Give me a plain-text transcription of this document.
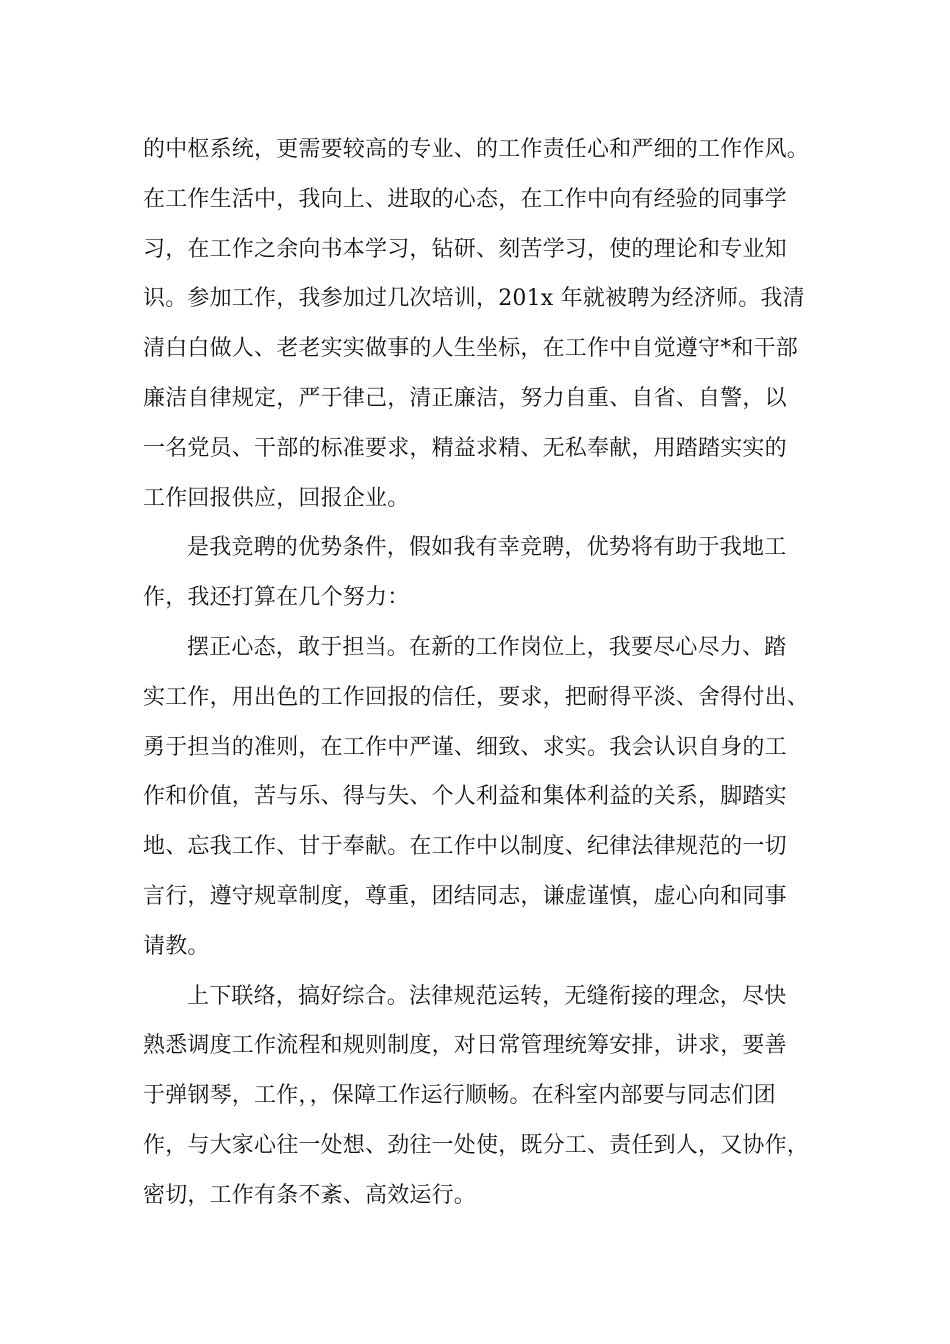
的中枢系统，更需要较高的专业、的工作责任心和严细的工作作风。
在工作生活中，我向上、进取的心态，在工作中向有经验的同事学
习，在工作之余向书本学习，钻研、刻苦学习，使的理论和专业知
识。参加工作，我参加过几次培训，201x 年就被聘为经济师。我清
清白白做人、老老实实做事的人生坐标，在工作中自觉遵守*和干部
廉洁自律规定，严于律己，清正廉洁，努力自重、自省、自警，以
一名党员、干部的标准要求，精益求精、无私奉献，用踏踏实实的
工作回报供应，回报企业。
是我竞聘的优势条件，假如我有幸竞聘，优势将有助于我地工
作，我还打算在几个努力：
摆正心态，敢于担当。在新的工作岗位上，我要尽心尽力、踏
实工作，用出色的工作回报的信任，要求，把耐得平淡、舍得付出、
勇于担当的准则，在工作中严谨、细致、求实。我会认识自身的工
作和价值，苦与乐、得与失、个人利益和集体利益的关系，脚踏实
地、忘我工作、甘于奉献。在工作中以制度、纪律法律规范的一切
言行，遵守规章制度，尊重，团结同志，谦虚谨慎，虚心向和同事
请教。
上下联络，搞好综合。法律规范运转，无缝衔接的理念，尽快
熟悉调度工作流程和规则制度，对日常管理统筹安排，讲求，要善
于弹钢琴，工作，，保障工作运行顺畅。在科室内部要与同志们团
作，与大家心往一处想、劲往一处使，既分工、责任到人，又协作，
密切，工作有条不紊、高效运行。
